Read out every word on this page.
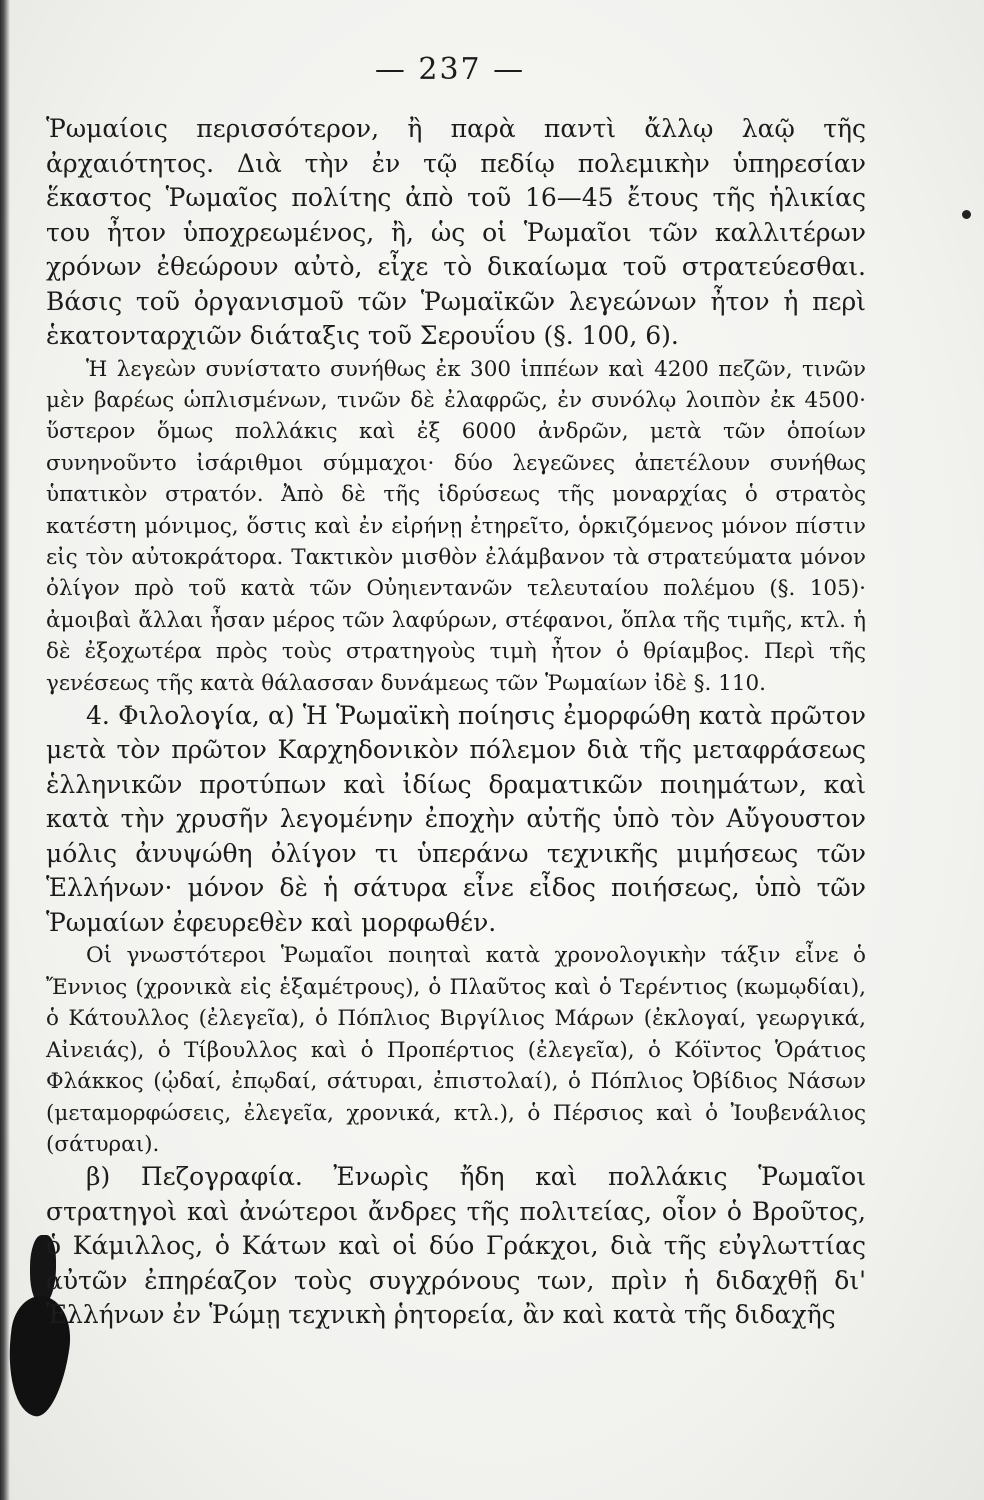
— 237 —

Ῥωμαίοις περισσότερον, ἢ παρὰ παντὶ ἄλλῳ λαῷ τῆς ἀρχαιότητος. Διὰ τὴν ἐν τῷ πεδίῳ πολεμικὴν ὑπηρεσίαν ἕκαστος Ῥωμαῖος πολίτης ἀπὸ τοῦ 16—45 ἔτους τῆς ἡλικίας του ἦτον ὑποχρεωμένος, ἢ, ὡς οἱ Ῥωμαῖοι τῶν καλλιτέρων χρόνων ἐθεώρουν αὐτὸ, εἶχε τὸ δικαίωμα τοῦ στρατεύεσθαι. Βάσις τοῦ ὀργανισμοῦ τῶν Ῥωμαϊκῶν λεγεώνων ἦτον ἡ περὶ ἑκατονταρχιῶν διάταξις τοῦ Σερουΐου (§. 100, 6).

Ἡ λεγεὼν συνίστατο συνήθως ἐκ 300 ἱππέων καὶ 4200 πεζῶν, τινῶν μὲν βαρέως ὡπλισμένων, τινῶν δὲ ἐλαφρῶς, ἐν συνόλῳ λοιπὸν ἐκ 4500· ὕστερον ὅμως πολλάκις καὶ ἐξ 6000 ἀνδρῶν, μετὰ τῶν ὁποίων συνηνοῦντο ἰσάριθμοι σύμμαχοι· δύο λεγεῶνες ἀπετέλουν συνήθως ὑπατικὸν στρατόν. Ἀπὸ δὲ τῆς ἱδρύσεως τῆς μοναρχίας ὁ στρατὸς κατέστη μόνιμος, ὅστις καὶ ἐν εἰρήνῃ ἐτηρεῖτο, ὁρκιζόμενος μόνον πίστιν εἰς τὸν αὐτοκράτορα. Τακτικὸν μισθὸν ἐλάμβανον τὰ στρατεύματα μόνον ὀλίγον πρὸ τοῦ κατὰ τῶν Οὐηιεντανῶν τελευταίου πολέμου (§. 105)· ἀμοιβαὶ ἄλλαι ἦσαν μέρος τῶν λαφύρων, στέφανοι, ὅπλα τῆς τιμῆς, κτλ. ἡ δὲ ἐξοχωτέρα πρὸς τοὺς στρατηγοὺς τιμὴ ἦτον ὁ θρίαμβος. Περὶ τῆς γενέσεως τῆς κατὰ θάλασσαν δυνάμεως τῶν Ῥωμαίων ἰδὲ §. 110.

4. Φιλολογία, α) Ἡ Ῥωμαϊκὴ ποίησις ἐμορφώθη κατὰ πρῶτον μετὰ τὸν πρῶτον Καρχηδονικὸν πόλεμον διὰ τῆς μεταφράσεως ἑλληνικῶν προτύπων καὶ ἰδίως δραματικῶν ποιημάτων, καὶ κατὰ τὴν χρυσῆν λεγομένην ἐποχὴν αὐτῆς ὑπὸ τὸν Αὔγουστον μόλις ἀνυψώθη ὀλίγον τι ὑπεράνω τεχνικῆς μιμήσεως τῶν Ἑλλήνων· μόνον δὲ ἡ σάτυρα εἶνε εἶδος ποιήσεως, ὑπὸ τῶν Ῥωμαίων ἐφευρεθὲν καὶ μορφωθέν.

Οἱ γνωστότεροι Ῥωμαῖοι ποιηταὶ κατὰ χρονολογικὴν τάξιν εἶνε ὁ Ἔννιος (χρονικὰ εἰς ἑξαμέτρους), ὁ Πλαῦτος καὶ ὁ Τερέντιος (κωμῳδίαι), ὁ Κάτουλλος (ἐλεγεῖα), ὁ Πόπλιος Βιργίλιος Μάρων (ἐκλογαί, γεωργικά, Αἰνειάς), ὁ Τίβουλλος καὶ ὁ Προπέρτιος (ἐλεγεῖα), ὁ Κόϊντος Ὁράτιος Φλάκκος (ᾠδαί, ἐπῳδαί, σάτυραι, ἐπιστολαί), ὁ Πόπλιος Ὀβίδιος Νάσων (μεταμορφώσεις, ἐλεγεῖα, χρονικά, κτλ.), ὁ Πέρσιος καὶ ὁ Ἰουβενάλιος (σάτυραι).

β) Πεζογραφία. Ἐνωρὶς ἤδη καὶ πολλάκις Ῥωμαῖοι στρατηγοὶ καὶ ἀνώτεροι ἄνδρες τῆς πολιτείας, οἷον ὁ Βροῦτος, ὁ Κάμιλλος, ὁ Κάτων καὶ οἱ δύο Γράκχοι, διὰ τῆς εὐγλωττίας αὐτῶν ἐπηρέαζον τοὺς συγχρόνους των, πρὶν ἡ διδαχθῇ δι' Ἑλλήνων ἐν Ῥώμῃ τεχνικὴ ῥητορεία, ἂν καὶ κατὰ τῆς διδαχῆς
